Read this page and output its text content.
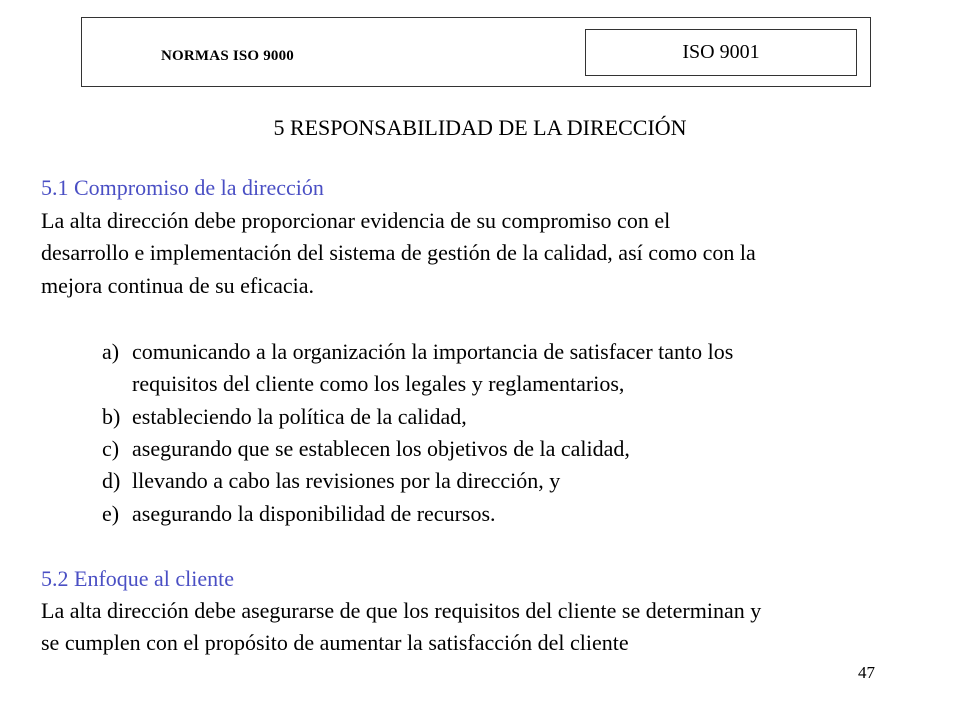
NORMAS ISO 9000	ISO 9001
5 RESPONSABILIDAD DE LA DIRECCIÓN
5.1 Compromiso de la dirección
La alta dirección debe proporcionar evidencia de su compromiso con el
desarrollo e implementación del sistema de gestión de la calidad, así como con la
mejora continua de su eficacia.
a) comunicando a la organización la importancia de satisfacer tanto los
requisitos del cliente como los legales y reglamentarios,
b) estableciendo la política de la calidad,
c) asegurando que se establecen los objetivos de la calidad,
d) llevando a cabo las revisiones por la dirección, y
e) asegurando la disponibilidad de recursos.
5.2 Enfoque al cliente
La alta dirección debe asegurarse de que los requisitos del cliente se determinan y
se cumplen con el propósito de aumentar la satisfacción del cliente
47
